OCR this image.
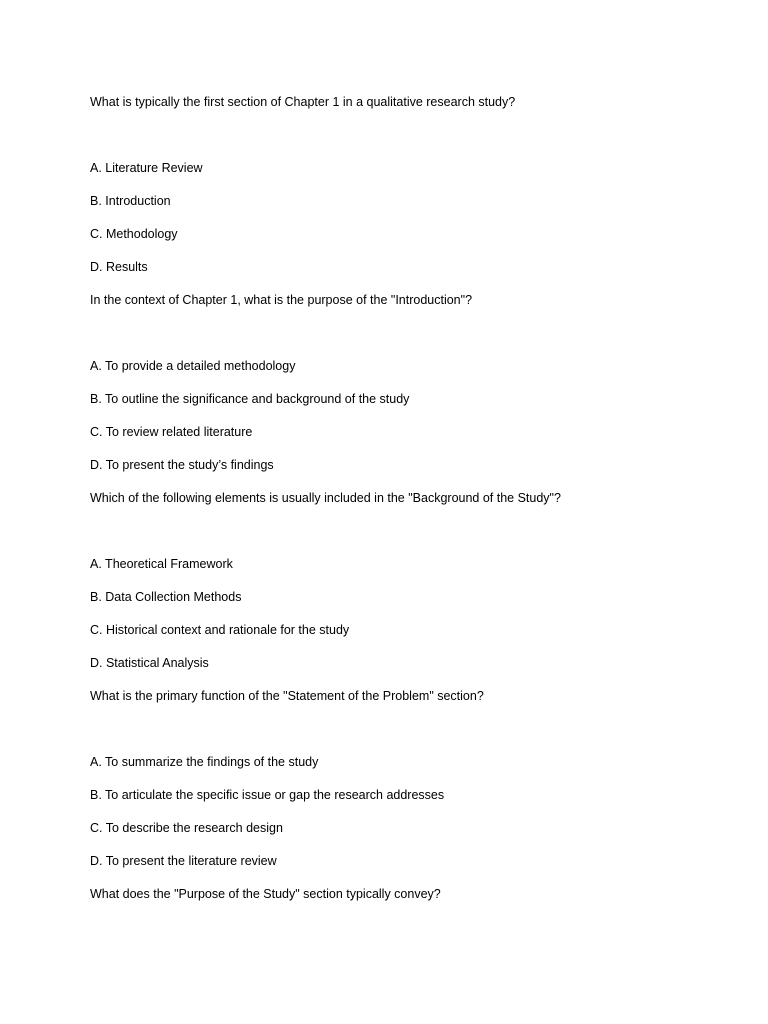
What is typically the first section of Chapter 1 in a qualitative research study?

A. Literature Review

B. Introduction

C. Methodology

D. Results

In the context of Chapter 1, what is the purpose of the "Introduction"?

A. To provide a detailed methodology

B. To outline the significance and background of the study

C. To review related literature

D. To present the study’s findings

Which of the following elements is usually included in the "Background of the Study"?

A. Theoretical Framework

B. Data Collection Methods

C. Historical context and rationale for the study

D. Statistical Analysis

What is the primary function of the "Statement of the Problem" section?

A. To summarize the findings of the study

B. To articulate the specific issue or gap the research addresses

C. To describe the research design

D. To present the literature review

What does the "Purpose of the Study" section typically convey?
